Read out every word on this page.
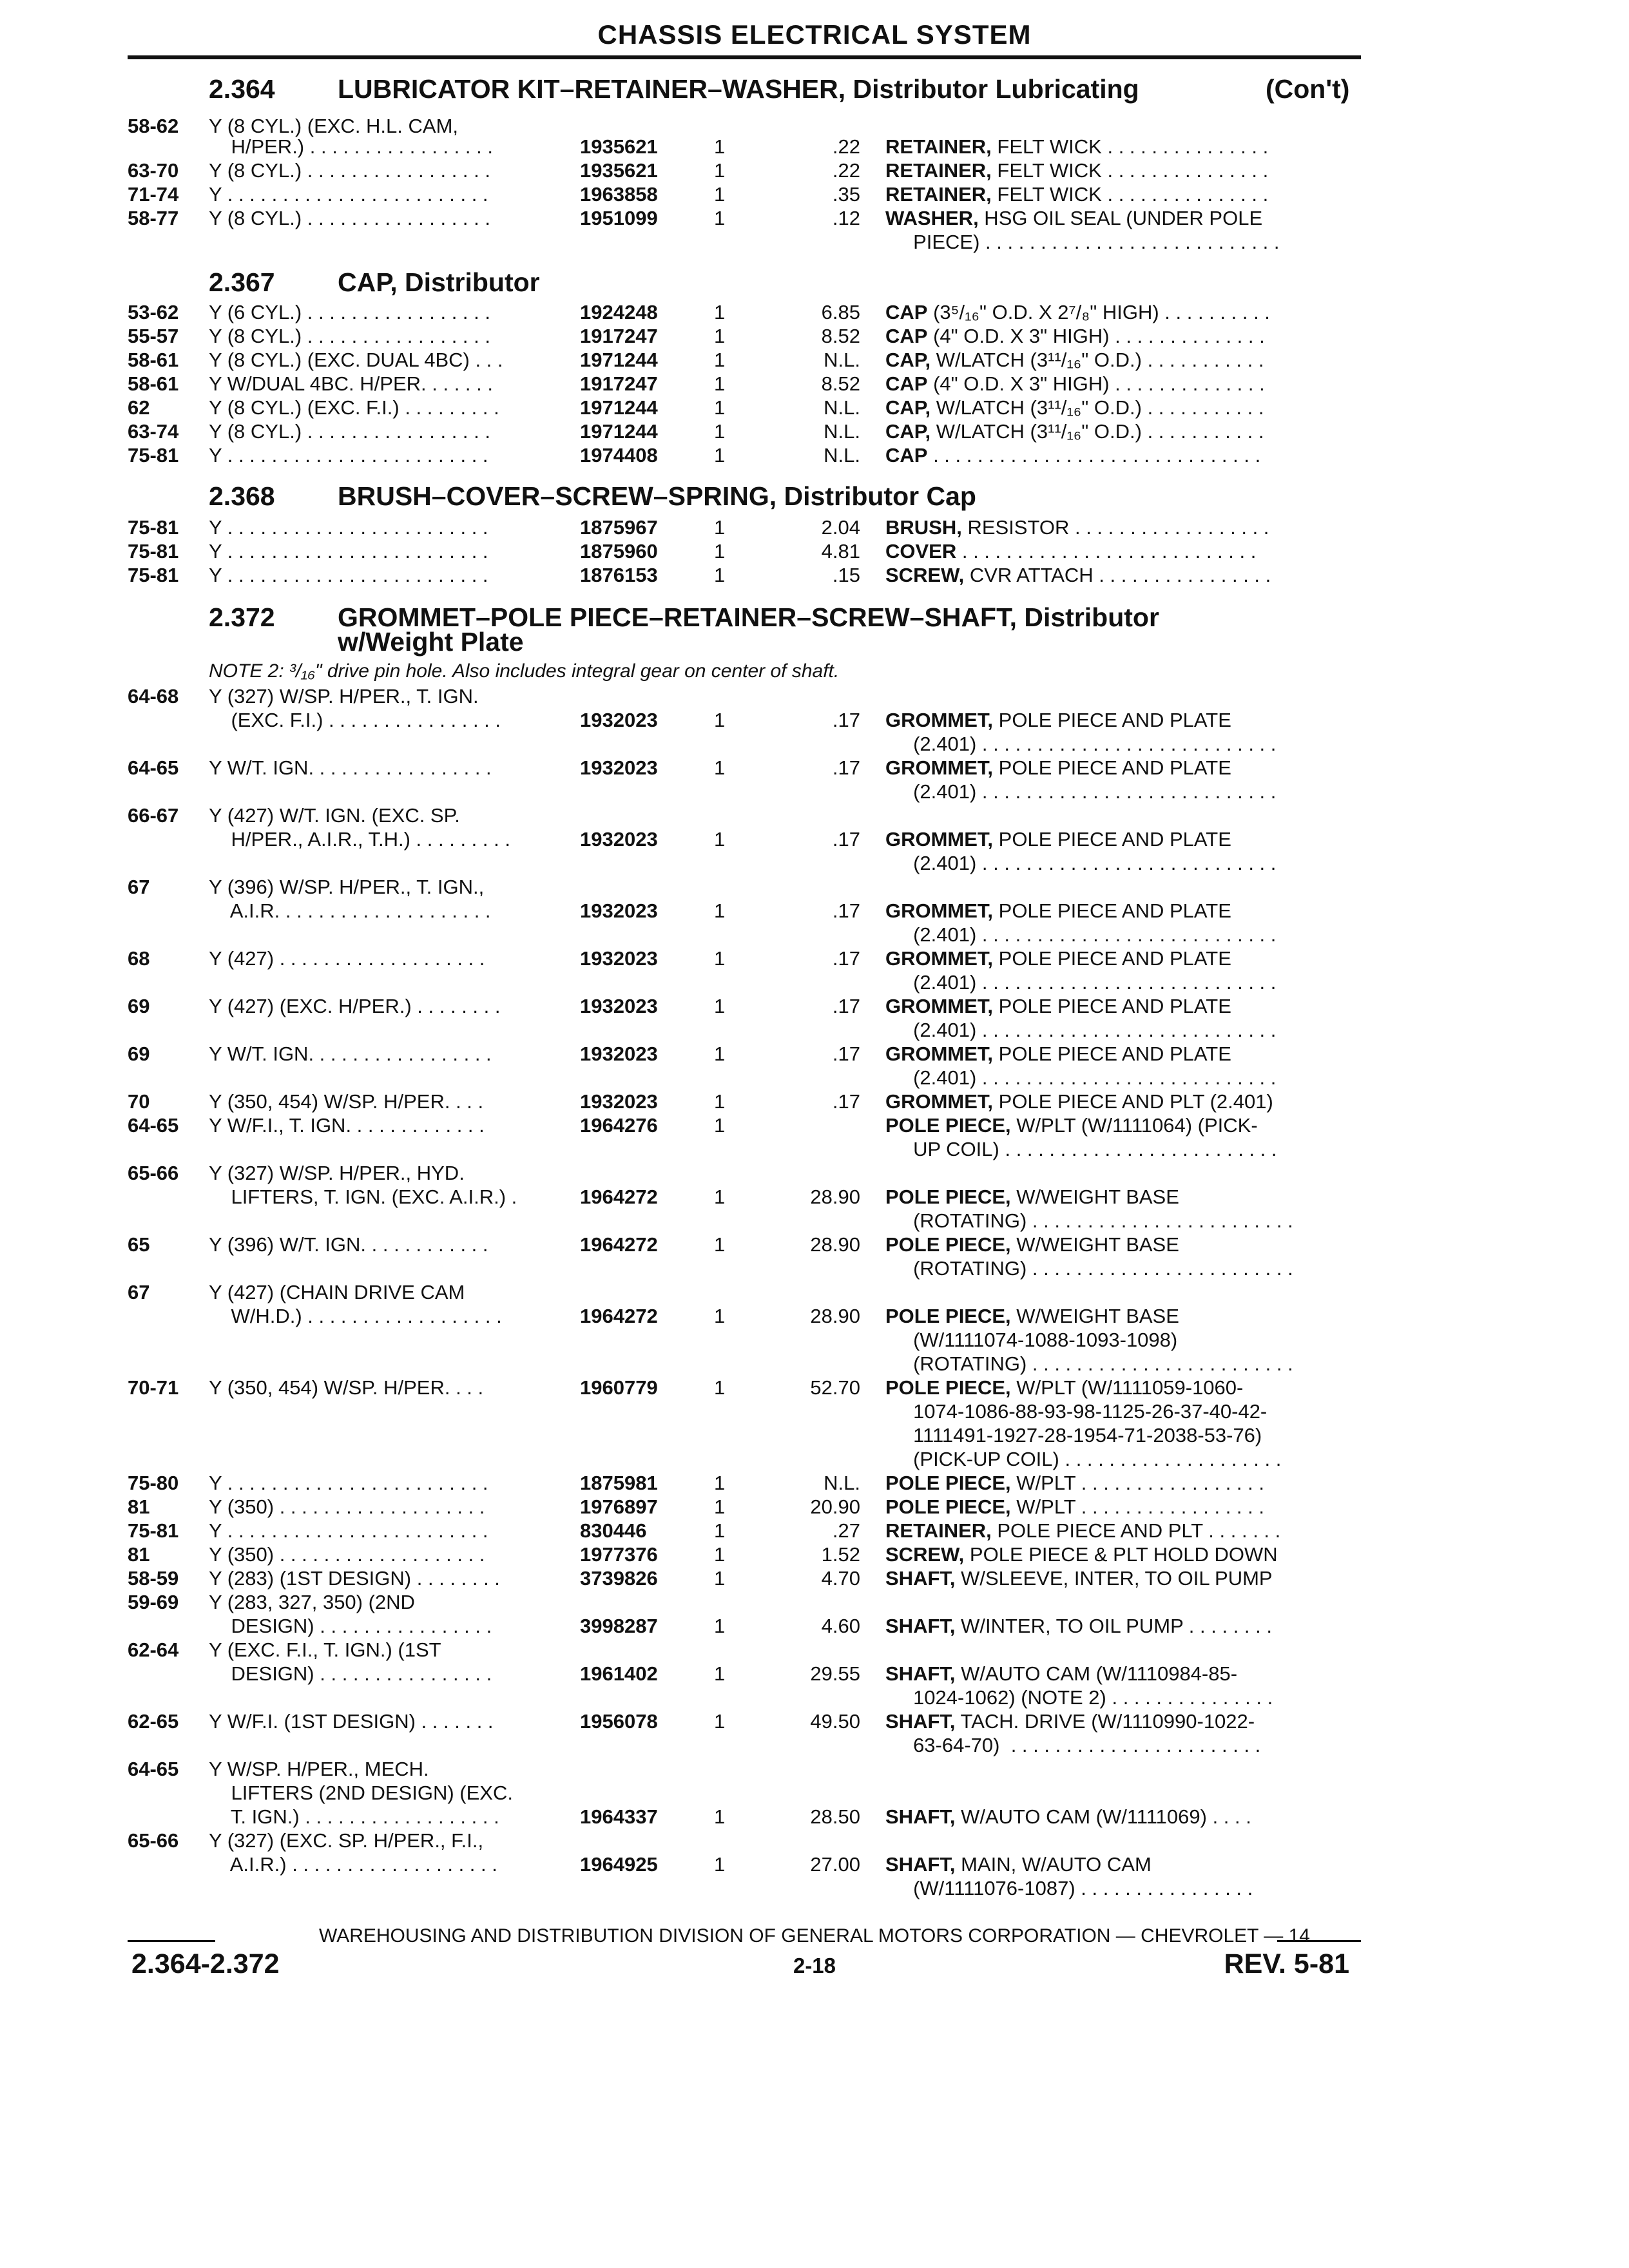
CHASSIS ELECTRICAL SYSTEM
2.364 LUBRICATOR KIT–RETAINER–WASHER, Distributor Lubricating	(Con't)
2.367 CAP, Distributor
2.368 BRUSH–COVER–SCREW–SPRING, Distributor Cap
2.372 GROMMET–POLE PIECE–RETAINER–SCREW–SHAFT, Distributor
w/Weight Plate
NOTE 2: ³/₁₆" drive pin hole. Also includes integral gear on center of shaft.
58-62 Y (8 CYL.) (EXC. H.L. CAM,
H/PER.) . . . . . . . . . . . . . . . . .	1935621	1	.22 RETAINER, FELT WICK . . . . . . . . . . . . . . .
63-70 Y (8 CYL.) . . . . . . . . . . . . . . . . .	1935621	1	.22 RETAINER, FELT WICK . . . . . . . . . . . . . . .
71-74 Y . . . . . . . . . . . . . . . . . . . . . . . .	1963858	1	.35 RETAINER, FELT WICK . . . . . . . . . . . . . . .
58-77 Y (8 CYL.) . . . . . . . . . . . . . . . . .	1951099	1	.12 WASHER, HSG OIL SEAL (UNDER POLE
PIECE) . . . . . . . . . . . . . . . . . . . . . . . . . . .
53-62 Y (6 CYL.) . . . . . . . . . . . . . . . . .	1924248	1	6.85 CAP (3⁵/₁₆" O.D. X 2⁷/₈" HIGH) . . . . . . . . . .
55-57 Y (8 CYL.) . . . . . . . . . . . . . . . . .	1917247	1	8.52 CAP (4" O.D. X 3" HIGH) . . . . . . . . . . . . . .
58-61 Y (8 CYL.) (EXC. DUAL 4BC) . . .	1971244	1	N.L. CAP, W/LATCH (3¹¹/₁₆" O.D.) . . . . . . . . . . .
58-61 Y W/DUAL 4BC. H/PER. . . . . . .	1917247	1	8.52 CAP (4" O.D. X 3" HIGH) . . . . . . . . . . . . . .
62	Y (8 CYL.) (EXC. F.I.) . . . . . . . . .	1971244	1	N.L. CAP, W/LATCH (3¹¹/₁₆" O.D.) . . . . . . . . . . .
63-74 Y (8 CYL.) . . . . . . . . . . . . . . . . .	1971244	1	N.L. CAP, W/LATCH (3¹¹/₁₆" O.D.) . . . . . . . . . . .
75-81 Y . . . . . . . . . . . . . . . . . . . . . . . .	1974408	1	N.L. CAP . . . . . . . . . . . . . . . . . . . . . . . . . . . . . .
75-81 Y . . . . . . . . . . . . . . . . . . . . . . . .	1875967	1	2.04 BRUSH, RESISTOR . . . . . . . . . . . . . . . . . .
75-81 Y . . . . . . . . . . . . . . . . . . . . . . . .	1875960	1	4.81 COVER . . . . . . . . . . . . . . . . . . . . . . . . . . .
75-81 Y . . . . . . . . . . . . . . . . . . . . . . . .	1876153	1	.15 SCREW, CVR ATTACH . . . . . . . . . . . . . . . .
64-68 Y (327) W/SP. H/PER., T. IGN.
(EXC. F.I.) . . . . . . . . . . . . . . . .	1932023	1	.17 GROMMET, POLE PIECE AND PLATE
(2.401) . . . . . . . . . . . . . . . . . . . . . . . . . . .
64-65 Y W/T. IGN. . . . . . . . . . . . . . . . .	1932023	1	.17 GROMMET, POLE PIECE AND PLATE
(2.401) . . . . . . . . . . . . . . . . . . . . . . . . . . .
66-67 Y (427) W/T. IGN. (EXC. SP.
H/PER., A.I.R., T.H.) . . . . . . . . .	1932023	1	.17 GROMMET, POLE PIECE AND PLATE
(2.401) . . . . . . . . . . . . . . . . . . . . . . . . . . .
67	Y (396) W/SP. H/PER., T. IGN.,
A.I.R. . . . . . . . . . . . . . . . . . . .	1932023	1	.17 GROMMET, POLE PIECE AND PLATE
(2.401) . . . . . . . . . . . . . . . . . . . . . . . . . . .
68	Y (427) . . . . . . . . . . . . . . . . . . .	1932023	1	.17 GROMMET, POLE PIECE AND PLATE
(2.401) . . . . . . . . . . . . . . . . . . . . . . . . . . .
69	Y (427) (EXC. H/PER.) . . . . . . . .	1932023	1	.17 GROMMET, POLE PIECE AND PLATE
(2.401) . . . . . . . . . . . . . . . . . . . . . . . . . . .
69	Y W/T. IGN. . . . . . . . . . . . . . . . .	1932023	1	.17 GROMMET, POLE PIECE AND PLATE
(2.401) . . . . . . . . . . . . . . . . . . . . . . . . . . .
70	Y (350, 454) W/SP. H/PER. . . .	1932023	1	.17 GROMMET, POLE PIECE AND PLT (2.401)
64-65 Y W/F.I., T. IGN. . . . . . . . . . . . .	1964276	1	POLE PIECE, W/PLT (W/1111064) (PICK-
UP COIL) . . . . . . . . . . . . . . . . . . . . . . . . .
65-66 Y (327) W/SP. H/PER., HYD.
LIFTERS, T. IGN. (EXC. A.I.R.) .	1964272	1	28.90 POLE PIECE, W/WEIGHT BASE
(ROTATING) . . . . . . . . . . . . . . . . . . . . . . . .
65	Y (396) W/T. IGN. . . . . . . . . . . .	1964272	1	28.90 POLE PIECE, W/WEIGHT BASE
(ROTATING) . . . . . . . . . . . . . . . . . . . . . . . .
67	Y (427) (CHAIN DRIVE CAM
W/H.D.) . . . . . . . . . . . . . . . . . .	1964272	1	28.90 POLE PIECE, W/WEIGHT BASE
(W/1111074-1088-1093-1098)
(ROTATING) . . . . . . . . . . . . . . . . . . . . . . . .
70-71 Y (350, 454) W/SP. H/PER. . . .	1960779	1	52.70 POLE PIECE, W/PLT (W/1111059-1060-
1074-1086-88-93-98-1125-26-37-40-42-
1111491-1927-28-1954-71-2038-53-76)
(PICK-UP COIL) . . . . . . . . . . . . . . . . . . . .
75-80 Y . . . . . . . . . . . . . . . . . . . . . . . .	1875981	1	N.L. POLE PIECE, W/PLT . . . . . . . . . . . . . . . . .
81	Y (350) . . . . . . . . . . . . . . . . . . .	1976897	1	20.90 POLE PIECE, W/PLT . . . . . . . . . . . . . . . . .
75-81 Y . . . . . . . . . . . . . . . . . . . . . . . .	830446	1	.27 RETAINER, POLE PIECE AND PLT . . . . . . .
81	Y (350) . . . . . . . . . . . . . . . . . . .	1977376	1	1.52 SCREW, POLE PIECE & PLT HOLD DOWN
58-59 Y (283) (1ST DESIGN) . . . . . . . .	3739826	1	4.70 SHAFT, W/SLEEVE, INTER, TO OIL PUMP
59-69 Y (283, 327, 350) (2ND
DESIGN) . . . . . . . . . . . . . . . .	3998287	1	4.60 SHAFT, W/INTER, TO OIL PUMP . . . . . . . .
62-64 Y (EXC. F.I., T. IGN.) (1ST
DESIGN) . . . . . . . . . . . . . . . .	1961402	1	29.55 SHAFT, W/AUTO CAM (W/1110984-85-
1024-1062) (NOTE 2) . . . . . . . . . . . . . . .
62-65 Y W/F.I. (1ST DESIGN) . . . . . . .	1956078	1	49.50 SHAFT, TACH. DRIVE (W/1110990-1022-
63-64-70)  . . . . . . . . . . . . . . . . . . . . . . .
64-65 Y W/SP. H/PER., MECH.
LIFTERS (2ND DESIGN) (EXC.
T. IGN.) . . . . . . . . . . . . . . . . . .	1964337	1	28.50 SHAFT, W/AUTO CAM (W/1111069) . . . .
65-66 Y (327) (EXC. SP. H/PER., F.I.,
A.I.R.) . . . . . . . . . . . . . . . . . . .	1964925	1	27.00 SHAFT, MAIN, W/AUTO CAM
(W/1111076-1087) . . . . . . . . . . . . . . . .
WAREHOUSING AND DISTRIBUTION DIVISION OF GENERAL MOTORS CORPORATION — CHEVROLET — 14
2.364-2.372	2-18	REV. 5-81
